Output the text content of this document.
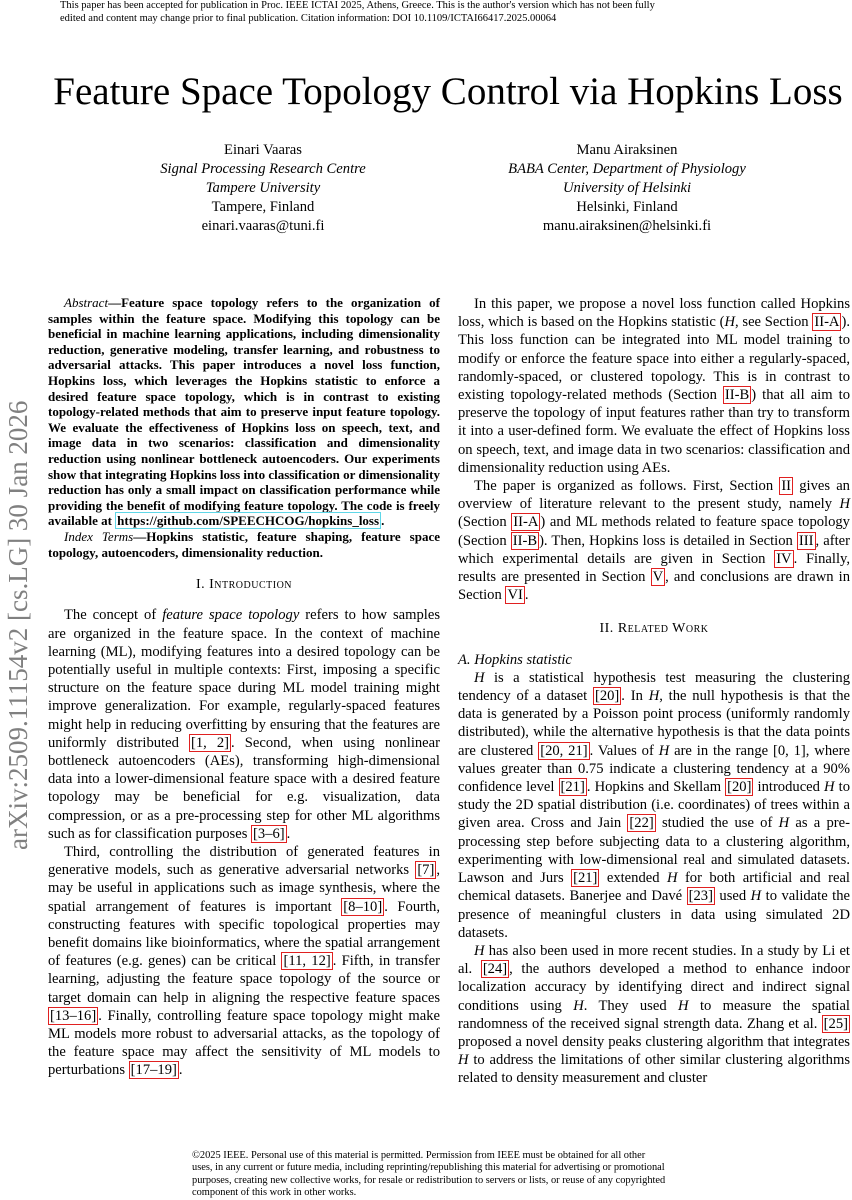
This paper has been accepted for publication in Proc. IEEE ICTAI 2025, Athens, Greece. This is the author's version which has not been fully edited and content may change prior to final publication. Citation information: DOI 10.1109/ICTAI66417.2025.00064
arXiv:2509.11154v2 [cs.LG] 30 Jan 2026
Feature Space Topology Control via Hopkins Loss
Einari Vaaras
Signal Processing Research Centre
Tampere University
Tampere, Finland
einari.vaaras@tuni.fi
Manu Airaksinen
BABA Center, Department of Physiology
University of Helsinki
Helsinki, Finland
manu.airaksinen@helsinki.fi

Abstract—Feature space topology refers to the organization of samples within the feature space. Modifying this topology can be beneficial in machine learning applications, including dimensionality reduction, generative modeling, transfer learning, and robustness to adversarial attacks. This paper introduces a novel loss function, Hopkins loss, which leverages the Hopkins statistic to enforce a desired feature space topology, which is in contrast to existing topology-related methods that aim to preserve input feature topology. We evaluate the effectiveness of Hopkins loss on speech, text, and image data in two scenarios: classification and dimensionality reduction using nonlinear bottleneck autoencoders. Our experiments show that integrating Hopkins loss into classification or dimensionality reduction has only a small impact on classification performance while providing the benefit of modifying feature topology. The code is freely available at https://github.com/SPEECHCOG/hopkins_loss .

Index Terms—Hopkins statistic, feature shaping, feature space topology, autoencoders, dimensionality reduction.

I. Introduction

The concept of feature space topology refers to how samples are organized in the feature space. In the context of machine learning (ML), modifying features into a desired topology can be potentially useful in multiple contexts: First, imposing a specific structure on the feature space during ML model training might improve generalization. For example, regularly-spaced features might help in reducing overfitting by ensuring that the features are uniformly distributed [1, 2] . Second, when using nonlinear bottleneck autoencoders (AEs), transforming high-dimensional data into a lower-dimensional feature space with a desired feature topology may be beneficial for e.g. visualization, data compression, or as a pre-processing step for other ML algorithms such as for classification purposes [3–6] .

Third, controlling the distribution of generated features in generative models, such as generative adversarial networks [7] , may be useful in applications such as image synthesis, where the spatial arrangement of features is important [8–10] . Fourth, constructing features with specific topological properties may benefit domains like bioinformatics, where the spatial arrangement of features (e.g. genes) can be critical [11, 12] . Fifth, in transfer learning, adjusting the feature space topology of the source or target domain can help in aligning the respective feature spaces [13–16] . Finally, controlling feature space topology might make ML models more robust to adversarial attacks, as the topology of the feature space may affect the sensitivity of ML models to perturbations [17–19] .

In this paper, we propose a novel loss function called Hopkins loss, which is based on the Hopkins statistic (H, see Section II-A ). This loss function can be integrated into ML model training to modify or enforce the feature space into either a regularly-spaced, randomly-spaced, or clustered topology. This is in contrast to existing topology-related methods (Section II-B ) that all aim to preserve the topology of input features rather than try to transform it into a user-defined form. We evaluate the effect of Hopkins loss on speech, text, and image data in two scenarios: classification and dimensionality reduction using AEs.

The paper is organized as follows. First, Section II gives an overview of literature relevant to the present study, namely H (Section II-A ) and ML methods related to feature space topology (Section II-B ). Then, Hopkins loss is detailed in Section III , after which experimental details are given in Section IV . Finally, results are presented in Section V , and conclusions are drawn in Section VI .

II. Related Work

A. Hopkins statistic

H is a statistical hypothesis test measuring the clustering tendency of a dataset [20] . In H, the null hypothesis is that the data is generated by a Poisson point process (uniformly randomly distributed), while the alternative hypothesis is that the data points are clustered [20, 21] . Values of H are in the range [0, 1], where values greater than 0.75 indicate a clustering tendency at a 90% confidence level [21] . Hopkins and Skellam [20] introduced H to study the 2D spatial distribution (i.e. coordinates) of trees within a given area. Cross and Jain [22] studied the use of H as a pre-processing step before subjecting data to a clustering algorithm, experimenting with low-dimensional real and simulated datasets. Lawson and Jurs [21] extended H for both artificial and real chemical datasets. Banerjee and Davé [23] used H to validate the presence of meaningful clusters in data using simulated 2D datasets.

H has also been used in more recent studies. In a study by Li et al. [24] , the authors developed a method to enhance indoor localization accuracy by identifying direct and indirect signal conditions using H. They used H to measure the spatial randomness of the received signal strength data. Zhang et al. [25] proposed a novel density peaks clustering algorithm that integrates H to address the limitations of other similar clustering algorithms related to density measurement and cluster

©2025 IEEE. Personal use of this material is permitted. Permission from IEEE must be obtained for all other uses, in any current or future media, including reprinting/republishing this material for advertising or promotional purposes, creating new collective works, for resale or redistribution to servers or lists, or reuse of any copyrighted component of this work in other works.
